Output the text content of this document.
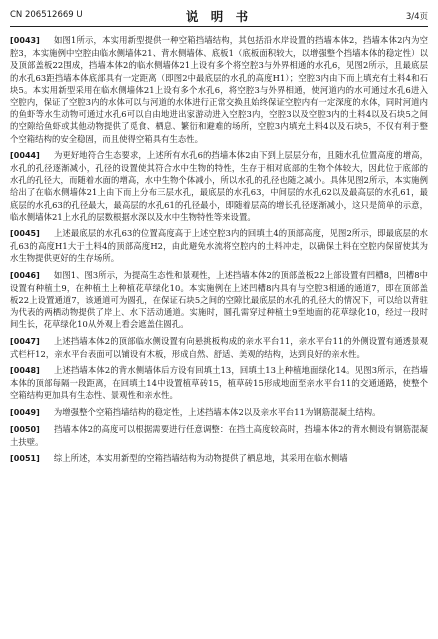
CN 206512669 U	说 明 书	3/4页

[0043] 如图1所示，本实用新型提供一种空箱挡墙结构，其包括沿水岸设置的挡墙本体2，挡墙本体2内为空腔3，本实施例中空腔由临水侧墙体21、背水侧墙体、底板1（底板面积较大，以增强整个挡墙本体的稳定性）以及顶部盖板22围成，挡墙本体2的临水侧墙体21上设有多个将空腔3与外界相通的水孔6，见图2所示，且最底层的水孔63距挡墙本体底部具有一定距离（即图2中最底层的水孔的高度H1）；空腔3内由下而上填充有土料4和石块5。本实用新型采用在临水侧墙体21上设有多个水孔6，将空腔3与外界相通，使河道内的水可通过水孔6进入空腔内，保证了空腔3内的水体可以与河道的水体进行正常交换且始终保证空腔内有一定深度的水体，同时河道内的鱼虾等水生动物可通过水孔6可以自由地进出家游动进入空腔3内，空腔3以及空腔3内的土料4以及石块5之间的空隙给鱼虾或其他动物提供了觅食、栖息、繁衍和避难的场所，空腔3内填充土料4以及石块5，不仅有利于整个空箱结构的安全稳固，而且使得空箱具有生态性。

[0044] 为更好地符合生态要求，上述所有水孔6的挡墙本体2由下到上层层分布，且随水孔位置高度的增高，水孔的孔径逐渐减小，孔径的设置使其符合水中生物的特性，生存于相对底部的生物个体较大，因此位于底部的水孔的孔径大，而随着水面的增高，水中生物个体减小，所以水孔的孔径也随之减小。具体见图2所示，本实施例给出了在临水侧墙体21上由下而上分布三层水孔，最底层的水孔63，中间层的水孔62以及最高层的水孔61，最底层的水孔63的孔径最大，最高层的水孔61的孔径最小，即随着层高的增长孔径逐渐减小，这只是简单的示意，临水侧墙体21上水孔的层数根据水深以及水中生物特性等来设置。

[0045] 上述最底层的水孔63的位置高度高于上述空腔3内的回填土4的顶部高度，见图2所示，即最底层的水孔63的高度H1大于土料4的顶部高度H2，由此避免水流将空腔内的土料冲走，以确保土料在空腔内保留使其为水生物提供更好的生存场所。

[0046] 如图1、图3所示，为提高生态性和景观性，上述挡墙本体2的顶部盖板22上部设置有凹槽8，凹槽8中设置有种植土9，在种植土上种植花草绿化10。本实施例在上述凹槽8内具有与空腔3相通的通道7，即在顶部盖板22上设置通道7，该通道可为圆孔，在保证石块5之间的空隙比最底层的水孔的孔径大的情况下，可以给以背驻为代表的两栖动物提供了岸上、水下活动通道。实施时，圆孔需穿过种植土9至地面的花草绿化10，经过一段时间生长，花草绿化10从外观上看会遮盖住圆孔。

[0047] 上述挡墙本体2的顶部临水侧设置有向悬挑板构成的亲水平台11，亲水平台11的外侧设置有通透景观式栏杆12，亲水平台表面可以铺设有木板，形成自然、舒适、美观的结构，达到良好的亲水性。

[0048] 上述挡墙本体2的背水侧墙体后方设有回填土13，回填土13上种植地面绿化14。见图3所示，在挡墙本体的顶部每隔一段距离，在回填土14中设置植草砖15，植草砖15形成地面至亲水平台11的交通通路，使整个空箱结构更加具有生态性、景观性和亲水性。

[0049] 为增强整个空箱挡墙结构的稳定性，上述挡墙本体2以及亲水平台11为钢筋混凝土结构。

[0050] 挡墙本体2的高度可以根据需要进行任意调整：在挡土高度较高时，挡墙本体2的背水侧设有钢筋混凝土扶壁。

[0051] 综上所述，本实用新型的空箱挡墙结构为动物提供了栖息地，其采用在临水侧墙
